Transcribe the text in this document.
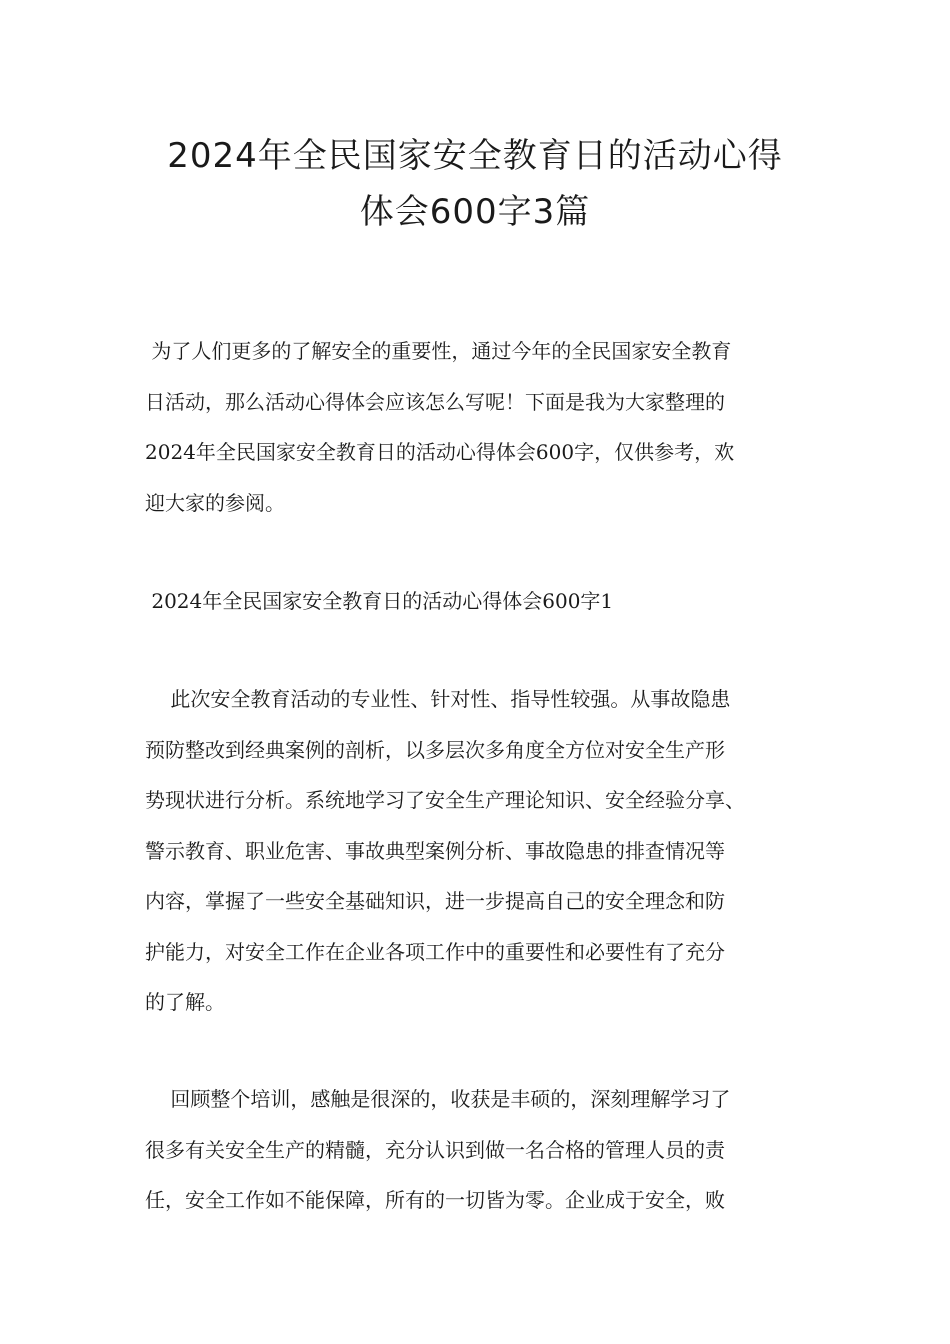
2024年全民国家安全教育日的活动心得
体会600字3篇
为了人们更多的了解安全的重要性，通过今年的全民国家安全教育
日活动，那么活动心得体会应该怎么写呢！下面是我为大家整理的
2024年全民国家安全教育日的活动心得体会600字，仅供参考，欢
迎大家的参阅。
2024年全民国家安全教育日的活动心得体会600字1
此次安全教育活动的专业性、针对性、指导性较强。从事故隐患
预防整改到经典案例的剖析，以多层次多角度全方位对安全生产形
势现状进行分析。系统地学习了安全生产理论知识、安全经验分享、
警示教育、职业危害、事故典型案例分析、事故隐患的排查情况等
内容，掌握了一些安全基础知识，进一步提高自己的安全理念和防
护能力，对安全工作在企业各项工作中的重要性和必要性有了充分
的了解。
回顾整个培训，感触是很深的，收获是丰硕的，深刻理解学习了
很多有关安全生产的精髓，充分认识到做一名合格的管理人员的责
任，安全工作如不能保障，所有的一切皆为零。企业成于安全，败
